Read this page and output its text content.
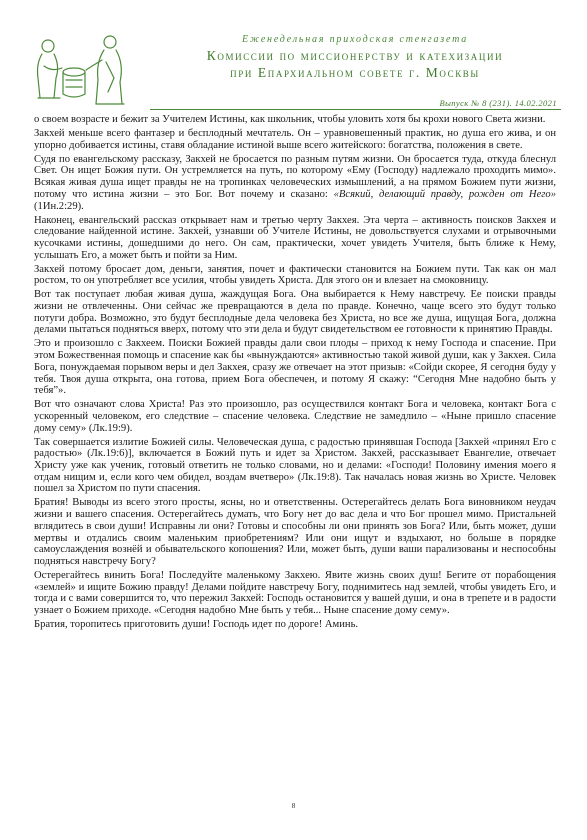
Еженедельная приходская стенгазета
Комиссии по миссионерству и катехизации
при Епархиальном совете г. Москвы
Выпуск № 8 (231). 14.02.2021

о своем возрасте и бежит за Учителем Истины, как школьник, чтобы уловить хотя бы крохи нового Света жизни.

Закхей меньше всего фантазер и бесплодный мечтатель. Он – уравновешенный практик, но душа его жива, и он упорно добивается истины, ставя обладание истиной выше всего житейского: богатства, положения в свете.

Судя по евангельскому рассказу, Закхей не бросается по разным путям жизни. Он бросается туда, откуда блеснул Свет. Он ищет Божия пути. Он устремляется на путь, по которому «Ему (Господу) надлежало проходить мимо». Всякая живая душа ищет правды не на тропинках человеческих измышлений, а на прямом Божием пути жизни, потому что истина жизни – это Бог. Вот почему и сказано: «Всякий, делающий правду, рожден от Него» (1Ин.2:29).

Наконец, евангельский рассказ открывает нам и третью черту Закхея. Эта черта – активность поисков Закхея и следование найденной истине. Закхей, узнавши об Учителе Истины, не довольствуется слухами и отрывочными кусочками истины, дошедшими до него. Он сам, практически, хочет увидеть Учителя, быть ближе к Нему, услышать Его, а может быть и пойти за Ним.

Закхей потому бросает дом, деньги, занятия, почет и фактически становится на Божием пути. Так как он мал ростом, то он употребляет все усилия, чтобы увидеть Христа. Для этого он и влезает на смоковницу.

Вот так поступает любая живая душа, жаждущая Бога. Она выбирается к Нему навстречу. Ее поиски правды жизни не отвлеченны. Они сейчас же превращаются в дела по правде. Конечно, чаще всего это будут только потуги добра. Возможно, это будут бесплодные дела человека без Христа, но все же душа, ищущая Бога, должна делами пытаться подняться вверх, потому что эти дела и будут свидетельством ее готовности к принятию Правды.

Это и произошло с Закхеем. Поиски Божией правды дали свои плоды – приход к нему Господа и спасение. При этом Божественная помощь и спасение как бы «вынуждаются» активностью такой живой души, как у Закхея. Сила Бога, понуждаемая порывом веры и дел Закхея, сразу же отвечает на этот призыв: «Сойди скорее, Я сегодня буду у тебя. Твоя душа открыта, она готова, прием Бога обеспечен, и потому Я скажу: “Сегодня Мне надобно быть у тебя”».

Вот что означают слова Христа! Раз это произошло, раз осуществился контакт Бога и человека, контакт Бога с ускоренный человеком, его следствие – спасение человека. Следствие не замедлило – «Ныне пришло спасение дому сему» (Лк.19:9).

Так совершается излитие Божией силы. Человеческая душа, с радостью принявшая Господа [Закхей «принял Его с радостью» (Лк.19:6)], включается в Божий путь и идет за Христом. Закхей, рассказывает Евангелие, отвечает Христу уже как ученик, готовый ответить не только словами, но и делами: «Господи! Половину имения моего я отдам нищим и, если кого чем обидел, воздам вчетверо» (Лк.19:8). Так началась новая жизнь во Христе. Человек пошел за Христом по пути спасения.

Братия! Выводы из всего этого просты, ясны, но и ответственны. Остерегайтесь делать Бога виновником неудач жизни и вашего спасения. Остерегайтесь думать, что Богу нет до вас дела и что Бог прошел мимо. Пристальней вглядитесь в свои души! Исправны ли они? Готовы и способны ли они принять зов Бога? Или, быть может, души мертвы и отдались своим маленьким приобретениям? Или они ищут и вздыхают, но больше в порядке самоуслаждения вознёй и обывательского копошения? Или, может быть, души ваши парализованы и неспособны подняться навстречу Богу?

Остерегайтесь винить Бога! Последуйте маленькому Закхею. Явите жизнь своих душ! Бегите от порабощения «землей» и ищите Божию правду! Делами пойдите навстречу Богу, поднимитесь над землей, чтобы увидеть Его, и тогда и с вами совершится то, что пережил Закхей: Господь остановится у вашей души, и она в трепете и в радости узнает о Божием приходе. «Сегодня надобно Мне быть у тебя... Ныне спасение дому сему».

Братия, торопитесь приготовить души! Господь идет по дороге! Аминь.

8
